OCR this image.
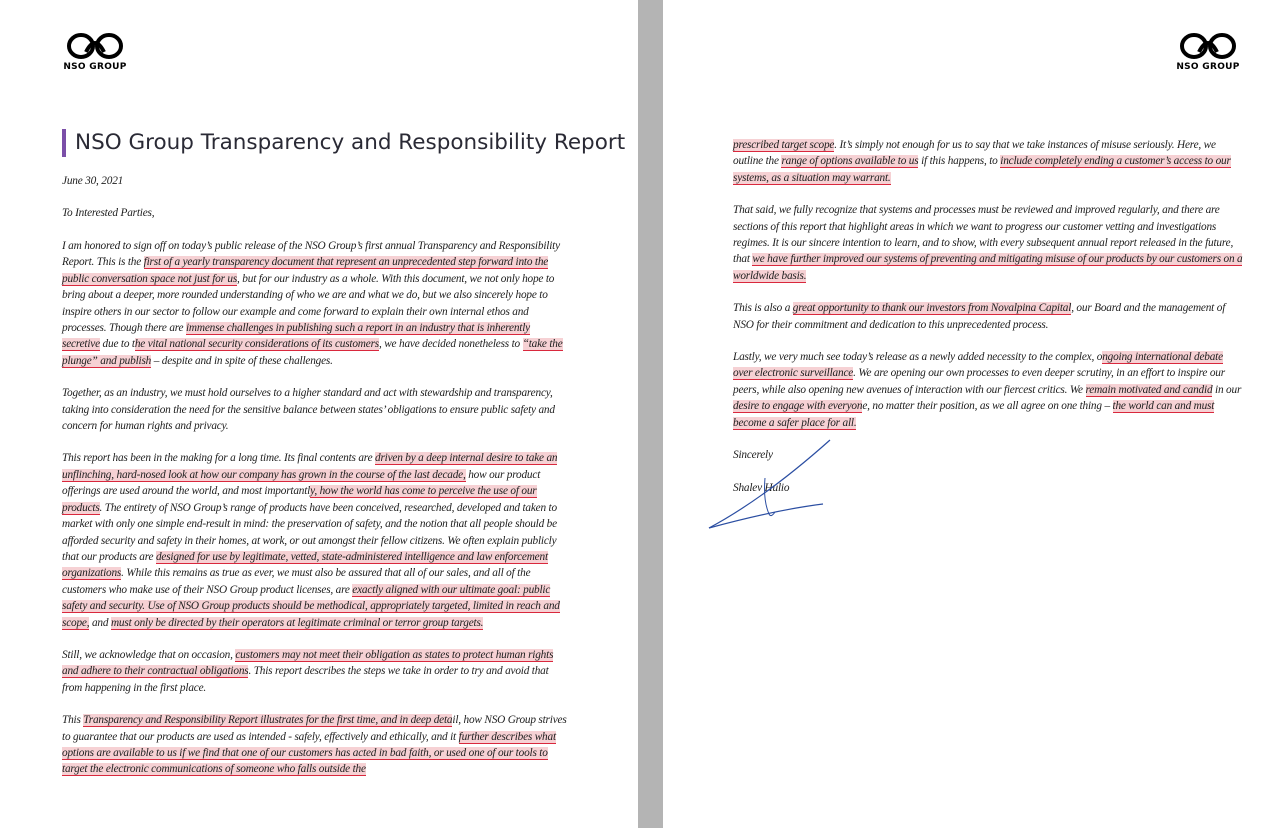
NSO GROUP
NSO Group Transparency and Responsibility Report
June 30, 2021
To Interested Parties,

I am honored to sign off on today’s public release of the NSO Group’s first annual Transparency and Responsibility Report. This is the first of a yearly transparency document that represent an unprecedented step forward into the public conversation space not just for us, but for our industry as a whole. With this document, we not only hope to bring about a deeper, more rounded understanding of who we are and what we do, but we also sincerely hope to inspire others in our sector to follow our example and come forward to explain their own internal ethos and processes. Though there are immense challenges in publishing such a report in an industry that is inherently secretive due to the vital national security considerations of its customers, we have decided nonetheless to “take the plunge” and publish – despite and in spite of these challenges.

Together, as an industry, we must hold ourselves to a higher standard and act with stewardship and transparency, taking into consideration the need for the sensitive balance between states’ obligations to ensure public safety and concern for human rights and privacy.

This report has been in the making for a long time. Its final contents are driven by a deep internal desire to take an unflinching, hard-nosed look at how our company has grown in the course of the last decade, how our product offerings are used around the world, and most importantly, how the world has come to perceive the use of our products. The entirety of NSO Group’s range of products have been conceived, researched, developed and taken to market with only one simple end-result in mind: the preservation of safety, and the notion that all people should be afforded security and safety in their homes, at work, or out amongst their fellow citizens. We often explain publicly that our products are designed for use by legitimate, vetted, state-administered intelligence and law enforcement organizations. While this remains as true as ever, we must also be assured that all of our sales, and all of the customers who make use of their NSO Group product licenses, are exactly aligned with our ultimate goal: public safety and security. Use of NSO Group products should be methodical, appropriately targeted, limited in reach and scope, and must only be directed by their operators at legitimate criminal or terror group targets.

Still, we acknowledge that on occasion, customers may not meet their obligation as states to protect human rights and adhere to their contractual obligations. This report describes the steps we take in order to try and avoid that from happening in the first place.

This Transparency and Responsibility Report illustrates for the first time, and in deep detail, how NSO Group strives to guarantee that our products are used as intended - safely, effectively and ethically, and it further describes what options are available to us if we find that one of our customers has acted in bad faith, or used one of our tools to target the electronic communications of someone who falls outside the

NSO GROUP

prescribed target scope. It’s simply not enough for us to say that we take instances of misuse seriously. Here, we outline the range of options available to us if this happens, to include completely ending a customer’s access to our systems, as a situation may warrant.

That said, we fully recognize that systems and processes must be reviewed and improved regularly, and there are sections of this report that highlight areas in which we want to progress our customer vetting and investigations regimes. It is our sincere intention to learn, and to show, with every subsequent annual report released in the future, that we have further improved our systems of preventing and mitigating misuse of our products by our customers on a worldwide basis.

This is also a great opportunity to thank our investors from Novalpina Capital, our Board and the management of NSO for their commitment and dedication to this unprecedented process.

Lastly, we very much see today’s release as a newly added necessity to the complex, ongoing international debate over electronic surveillance. We are opening our own processes to even deeper scrutiny, in an effort to inspire our peers, while also opening new avenues of interaction with our fiercest critics. We remain motivated and candid in our desire to engage with everyone, no matter their position, as we all agree on one thing – the world can and must become a safer place for all.

Sincerely

Shalev Hulio
